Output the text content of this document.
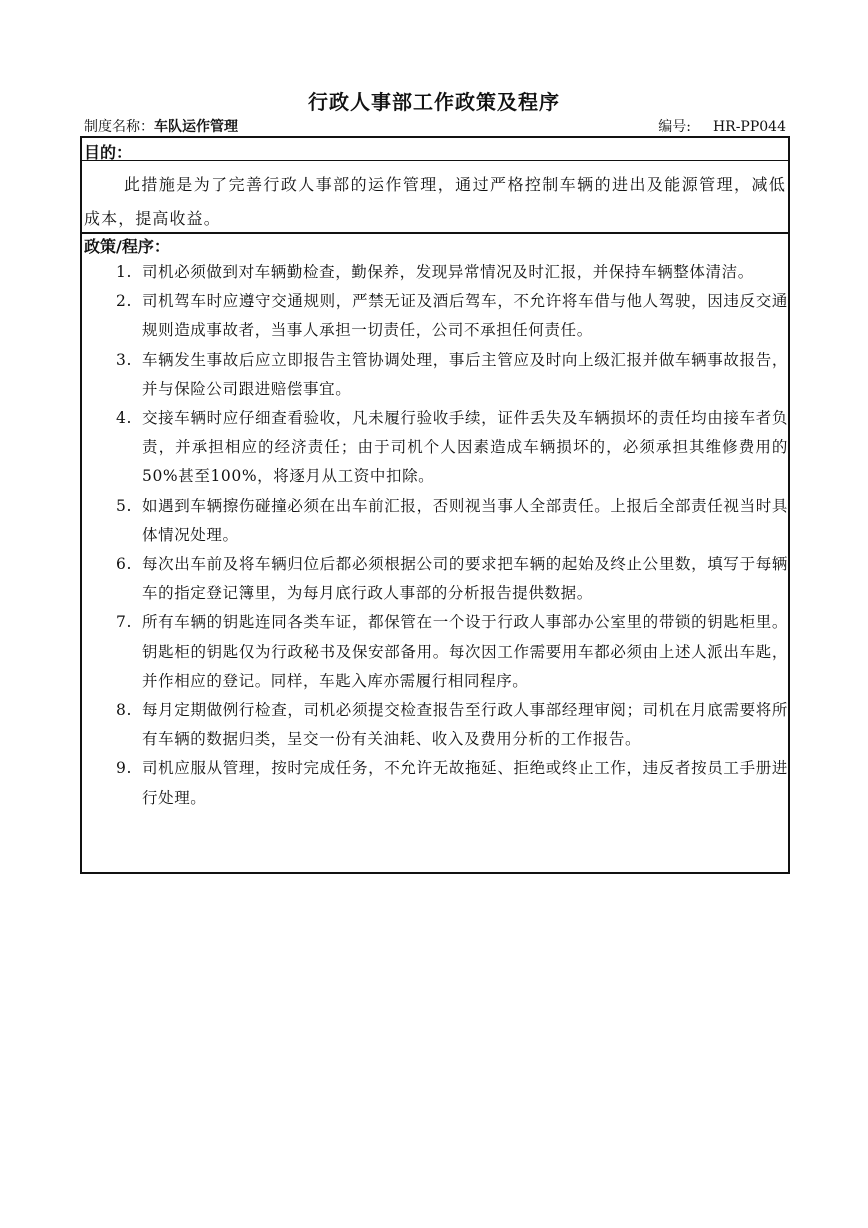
行政人事部工作政策及程序
制度名称：车队运作管理	编号: HR-PP044
目的：
此措施是为了完善行政人事部的运作管理，通过严格控制车辆的进出及能源管理，减低成本，提高收益。
政策/程序：
1. 司机必须做到对车辆勤检查，勤保养，发现异常情况及时汇报，并保持车辆整体清洁。
2. 司机驾车时应遵守交通规则，严禁无证及酒后驾车，不允许将车借与他人驾驶，因违反交通规则造成事故者，当事人承担一切责任，公司不承担任何责任。
3. 车辆发生事故后应立即报告主管协调处理，事后主管应及时向上级汇报并做车辆事故报告，并与保险公司跟进赔偿事宜。
4. 交接车辆时应仔细查看验收，凡未履行验收手续，证件丢失及车辆损坏的责任均由接车者负责，并承担相应的经济责任；由于司机个人因素造成车辆损坏的，必须承担其维修费用的50%甚至100%，将逐月从工资中扣除。
5. 如遇到车辆擦伤碰撞必须在出车前汇报，否则视当事人全部责任。上报后全部责任视当时具体情况处理。
6. 每次出车前及将车辆归位后都必须根据公司的要求把车辆的起始及终止公里数，填写于每辆车的指定登记簿里，为每月底行政人事部的分析报告提供数据。
7. 所有车辆的钥匙连同各类车证，都保管在一个设于行政人事部办公室里的带锁的钥匙柜里。钥匙柜的钥匙仅为行政秘书及保安部备用。每次因工作需要用车都必须由上述人派出车匙，并作相应的登记。同样，车匙入库亦需履行相同程序。
8. 每月定期做例行检查，司机必须提交检查报告至行政人事部经理审阅；司机在月底需要将所有车辆的数据归类，呈交一份有关油耗、收入及费用分析的工作报告。
9. 司机应服从管理，按时完成任务，不允许无故拖延、拒绝或终止工作，违反者按员工手册进行处理。
